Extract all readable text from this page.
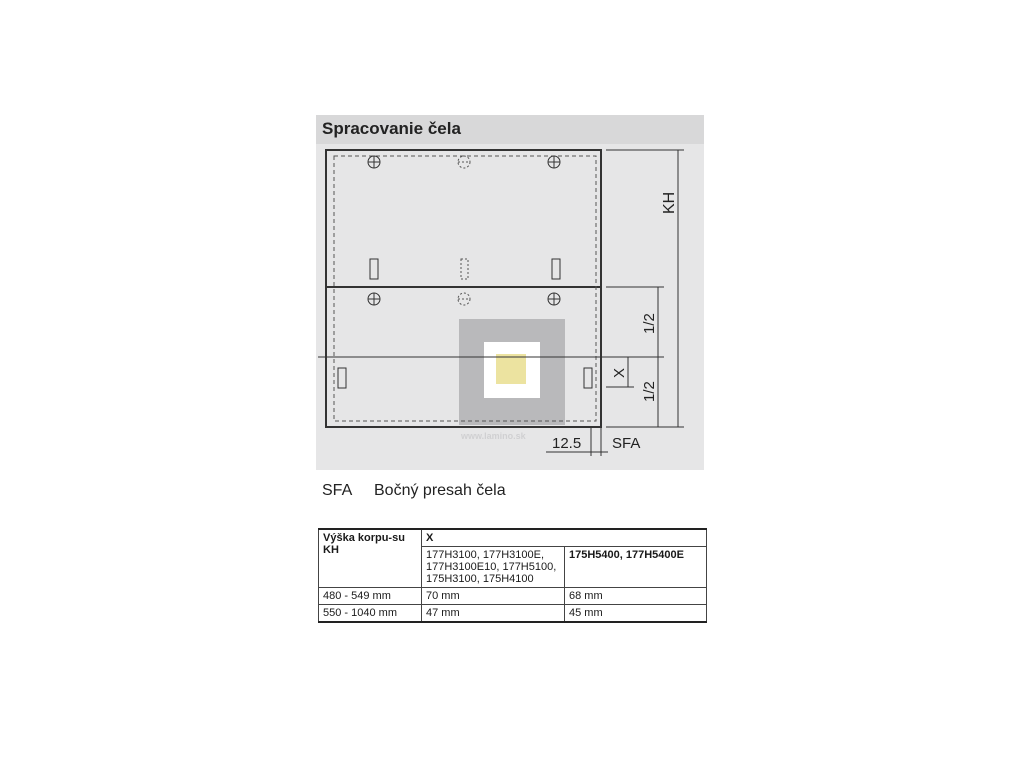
Spracovanie čela
KH
1/2
1/2
X
12.5 SFA
www.lamino.sk
SFA Bočný presah čela
Výška korpu-su KH	X	
	177H3100, 177H3100E, 177H3100E10, 177H5100, 175H3100, 175H4100	175H5400, 177H5400E
480 - 549 mm	70 mm	68 mm
550 - 1040 mm	47 mm	45 mm
